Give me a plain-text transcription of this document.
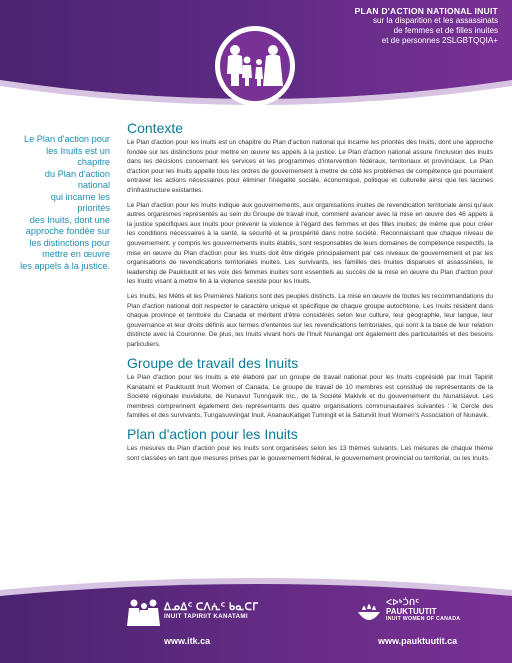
PLAN D'ACTION NATIONAL INUIT
sur la disparition et les assassinats
de femmes et de filles inuites
et de personnes 2SLGBTQQIA+
Le Plan d'action pour
les Inuits est un chapitre
du Plan d'action national
qui incarne les priorités
des Inuits, dont une
approche fondée sur
les distinctions pour
mettre en œuvre
les appels à la justice.
Contexte

Le Plan d'action pour les Inuits est un chapitre du Plan d'action national qui incarne les priorités des Inuits, dont une approche fondée sur les distinctions pour mettre en œuvre les appels à la justice. Le Plan d'action national assure l'inclusion des Inuits dans les décisions concernant les services et les programmes d'intervention fédéraux, territoriaux et provinciaux. Le Plan d'action pour les Inuits appelle tous les ordres de gouvernement à mettre de côté les problèmes de compétence qui pourraient entraver les actions nécessaires pour éliminer l'inégalité sociale, économique, politique et culturelle ainsi que les lacunes d'infrastructure existantes.

Le Plan d'action pour les Inuits indique aux gouvernements, aux organisations inuites de revendication territoriale ainsi qu'aux autres organismes représentés au sein du Groupe de travail inuit, comment avancer avec la mise en œuvre des 46 appels à la justice spécifiques aux Inuits pour prévenir la violence à l'égard des femmes et des filles inuites; de même que pour créer les conditions nécessaires à la santé, la sécurité et la prospérité dans notre société. Reconnaissant que chaque niveau de gouvernement, y compris les gouvernements inuits établis, sont responsables de leurs domaines de compétence respectifs, la mise en œuvre du Plan d'action pour les Inuits doit être dirigée principalement par ces niveaux de gouvernement et par les organisations de revendications territoriales inuites. Les survivants, les familles des Inuites disparues et assassinées, le leadership de Pauktuutit et les voix des femmes inuites sont essentiels au succès de la mise en œuvre du Plan d'action pour les Inuits visant à mettre fin à la violence sexiste pour les Inuits.

Les Inuits, les Métis et les Premières Nations sont des peuples distincts. La mise en œuvre de toutes les recommandations du Plan d'action national doit respecter le caractère unique et spécifique de chaque groupe autochtone. Les Inuits résident dans chaque province et territoire du Canada et méritent d'être considérés selon leur culture, leur géographie, leur langue, leur gouvernance et leur droits définis aux termes d'ententes sur les revendications territoriales, qui sont à la base de leur relation distincte avec la Couronne. De plus, les Inuits vivant hors de l'Inuit Nunangat ont également des particularités et des besoins particuliers.

Groupe de travail des Inuits

Le Plan d'action pour les Inuits a été élaboré par un groupe de travail national pour les Inuits coprésidé par Inuit Tapiriit Kanatami et Pauktuutit Inuit Women of Canada. Le groupe de travail de 10 membres est constitué de représentants de la Société régionale inuvialuite, de Nunavut Tunngavik Inc., de la Société Makivik et du gouvernement du Nunatsiavut. Les membres comprennent également des représentants des quatre organisations communautaires suivantes : le Cercle des familles et des survivants, Tungasuvvingat Inuit, AnanauKatiget Tumingit et la Saturviit Inuit Women's Association of Nunavik.

Plan d'action pour les Inuits

Les mesures du Plan d'action pour les Inuits sont organisées selon les 13 thèmes suivants. Les mesures de chaque thème sont classées en tant que mesures prises par le gouvernement fédéral, le gouvernement provincial ou territorial, ou les Inuits.

ᐃᓄᐃᑦ ᑕᐱᕇᑦ ᑲᓇᑕᒥ
INUIT TAPIRIIT KANATAMI
www.itk.ca
ᐸᐅᒃᑑᑎᑦ
PAUKTUUTIT
INUIT WOMEN OF CANADA
www.pauktuutit.ca
